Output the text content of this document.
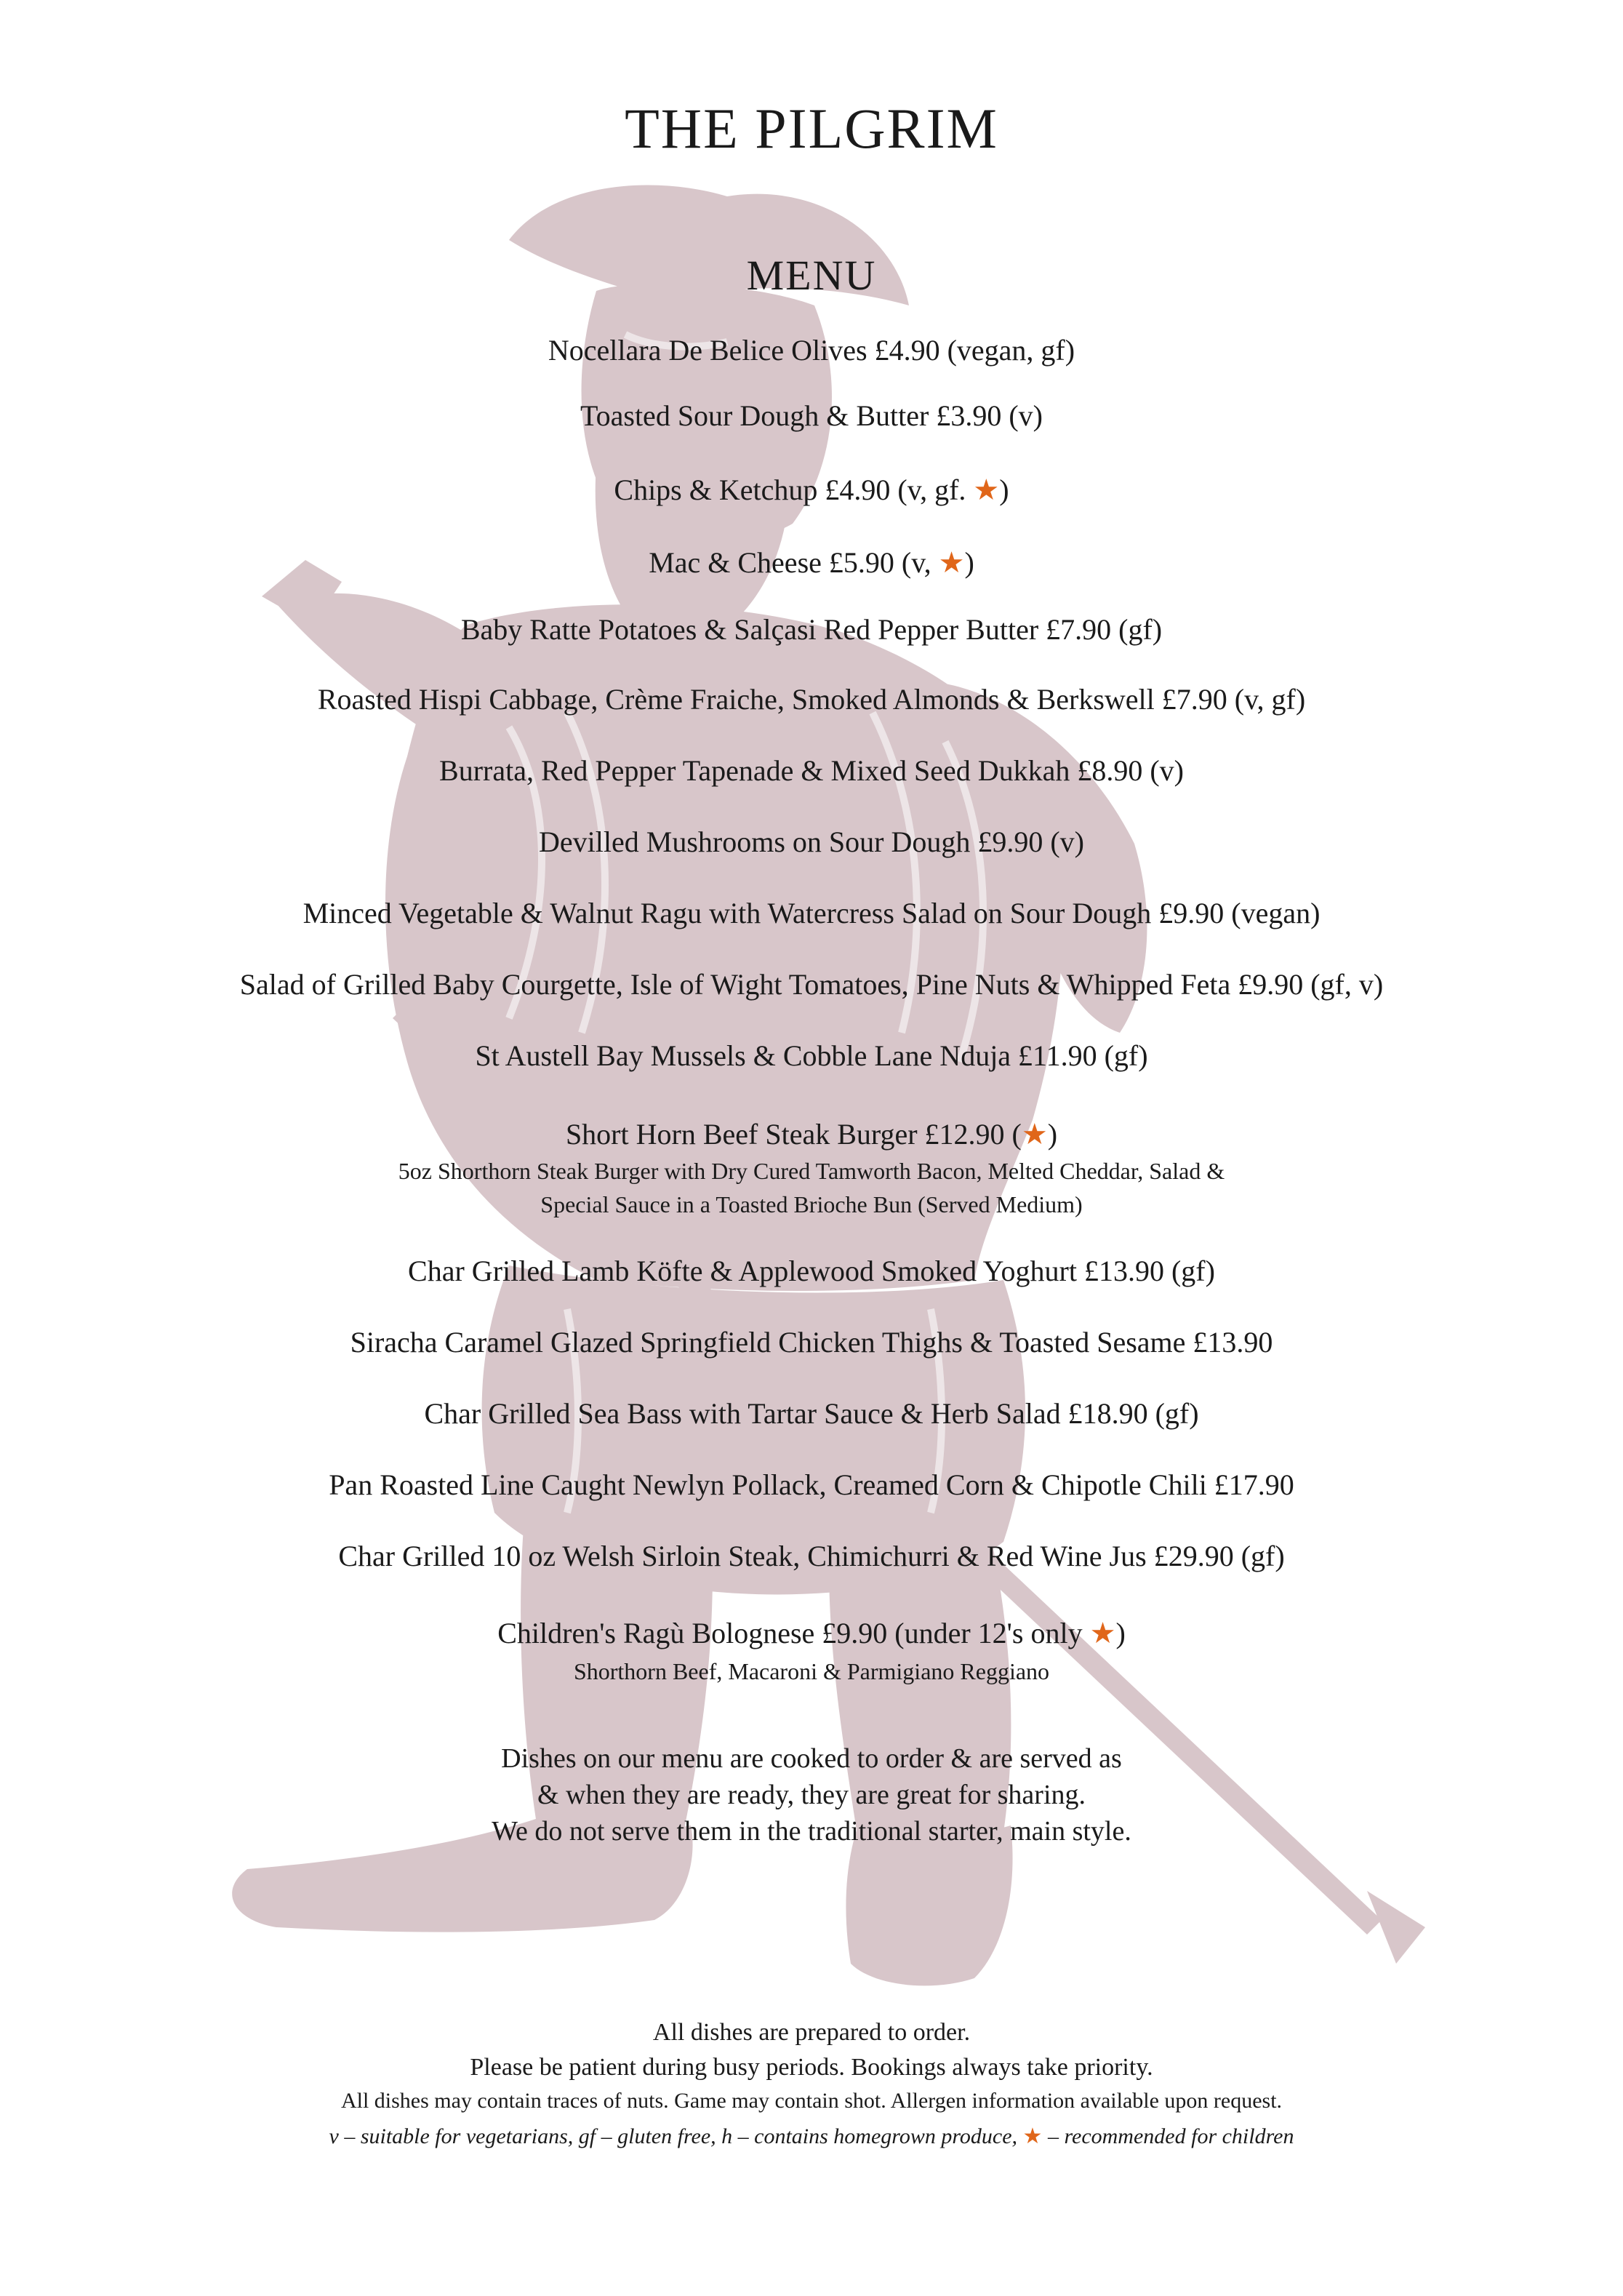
THE PILGRIM
MENU
Nocellara De Belice Olives £4.90 (vegan, gf)
Toasted Sour Dough & Butter £3.90 (v)
Chips & Ketchup £4.90 (v, gf. ★)
Mac & Cheese £5.90 (v, ★)
Baby Ratte Potatoes & Salçasi Red Pepper Butter £7.90 (gf)
Roasted Hispi Cabbage, Crème Fraiche, Smoked Almonds & Berkswell £7.90 (v, gf)
Burrata, Red Pepper Tapenade & Mixed Seed Dukkah £8.90 (v)
Devilled Mushrooms on Sour Dough £9.90 (v)
Minced Vegetable & Walnut Ragu with Watercress Salad on Sour Dough £9.90 (vegan)
Salad of Grilled Baby Courgette, Isle of Wight Tomatoes, Pine Nuts & Whipped Feta £9.90 (gf, v)
St Austell Bay Mussels & Cobble Lane Nduja £11.90 (gf)
Short Horn Beef Steak Burger £12.90 (★)
5oz Shorthorn Steak Burger with Dry Cured Tamworth Bacon, Melted Cheddar, Salad &
Special Sauce in a Toasted Brioche Bun (Served Medium)
Char Grilled Lamb Köfte & Applewood Smoked Yoghurt £13.90 (gf)
Siracha Caramel Glazed Springfield Chicken Thighs & Toasted Sesame £13.90
Char Grilled Sea Bass with Tartar Sauce & Herb Salad £18.90 (gf)
Pan Roasted Line Caught Newlyn Pollack, Creamed Corn & Chipotle Chili £17.90
Char Grilled 10 oz Welsh Sirloin Steak, Chimichurri & Red Wine Jus £29.90 (gf)
Children's Ragù Bolognese £9.90 (under 12's only ★)
Shorthorn Beef, Macaroni & Parmigiano Reggiano
Dishes on our menu are cooked to order & are served as
& when they are ready, they are great for sharing.
We do not serve them in the traditional starter, main style.
All dishes are prepared to order.
Please be patient during busy periods. Bookings always take priority.
All dishes may contain traces of nuts. Game may contain shot. Allergen information available upon request.
v – suitable for vegetarians, gf – gluten free, h – contains homegrown produce, ★ – recommended for children
